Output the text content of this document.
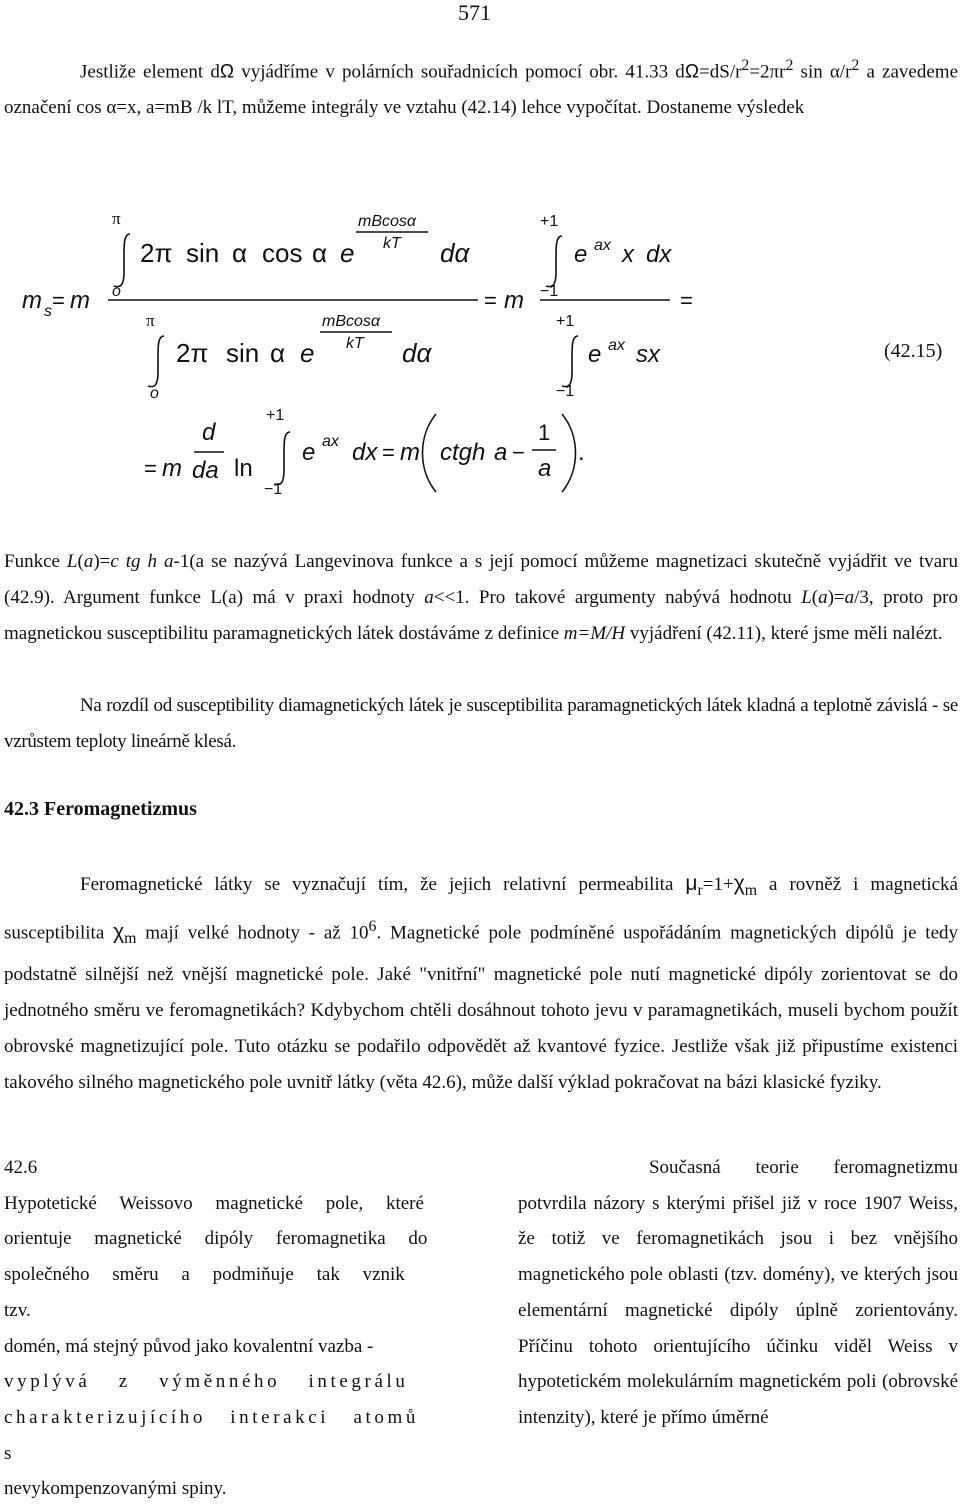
571
Jestliže element dΩ vyjádříme v polárních souřadnicích pomocí obr. 41.33 $d\Omega=dS/r^2=2\pi r^2$ $\sin \alpha/r^2$ a zavedeme označení cos α=x, a=mB /k lT, můžeme integrály ve vztahu (42.14) lehce vypočítat. Dostaneme výsledek
m s = m
π
o
2π sin α cos α e
mBcosα
kT dα
π
o
2π sin α e
mBcosα
kT dα
= m
+1
−1
e ax x dx
+1
−1
e ax sx
=
= m
d
da ln
+1
−1
e ax dx = m ctgh a −
1
a
.
(42.15)
Funkce L(a)=c tg h a-1(a se nazývá Langevinova funkce a s její pomocí můžeme magnetizaci skutečně vyjádřit ve tvaru (42.9). Argument funkce L(a) má v praxi hodnoty a<<1. Pro takové argumenty nabývá hodnotu L(a)=a/3, proto pro magnetickou susceptibilitu paramagnetických látek dostáváme z definice m=M/H vyjádření (42.11), které jsme měli nalézt.
Na rozdíl od susceptibility diamagnetických látek je susceptibilita paramagnetických látek kladná a teplotně závislá - se vzrůstem teploty lineárně klesá.
42.3 Feromagnetizmus
Feromagnetické látky se vyznačují tím, že jejich relativní permeabilita $\mu_r=1+\chi_m$ a rovněž i magnetická susceptibilita $\chi_m$ mají velké hodnoty - až $10^6$. Magnetické pole podmíněné uspořádáním magnetických dipólů je tedy podstatně silnější než vnější magnetické pole. Jaké "vnitřní" magnetické pole nutí magnetické dipóly zorientovat se do jednotného směru ve feromagnetikách? Kdybychom chtěli dosáhnout tohoto jevu v paramagnetikách, museli bychom použít obrovské magnetizující pole. Tuto otázku se podařilo odpovědět až kvantové fyzice. Jestliže však již připustíme existenci takového silného magnetického pole uvnitř látky (věta 42.6), může další výklad pokračovat na bázi klasické fyziky.
42.6
Hypotetické Weissovo magnetické pole, které
orientuje magnetické dipóly feromagnetika do
společného směru a podmiňuje tak vznik tzv.
domén, má stejný původ jako kovalentní vazba -
vyplývá z výměnného integrálu
charakterizujícího interakci atomů s
nevykompenzovanými spiny.
Současná teorie feromagnetizmu
potvrdila názory s kterými přišel již v roce 1907 Weiss, že totiž ve feromagnetikách jsou i bez vnějšího magnetického pole oblasti (tzv. domény), ve kterých jsou elementární magnetické dipóly úplně zorientovány. Příčinu tohoto orientujícího účinku viděl Weiss v hypotetickém molekulárním magnetickém poli (obrovské intenzity), které je přímo úměrné
